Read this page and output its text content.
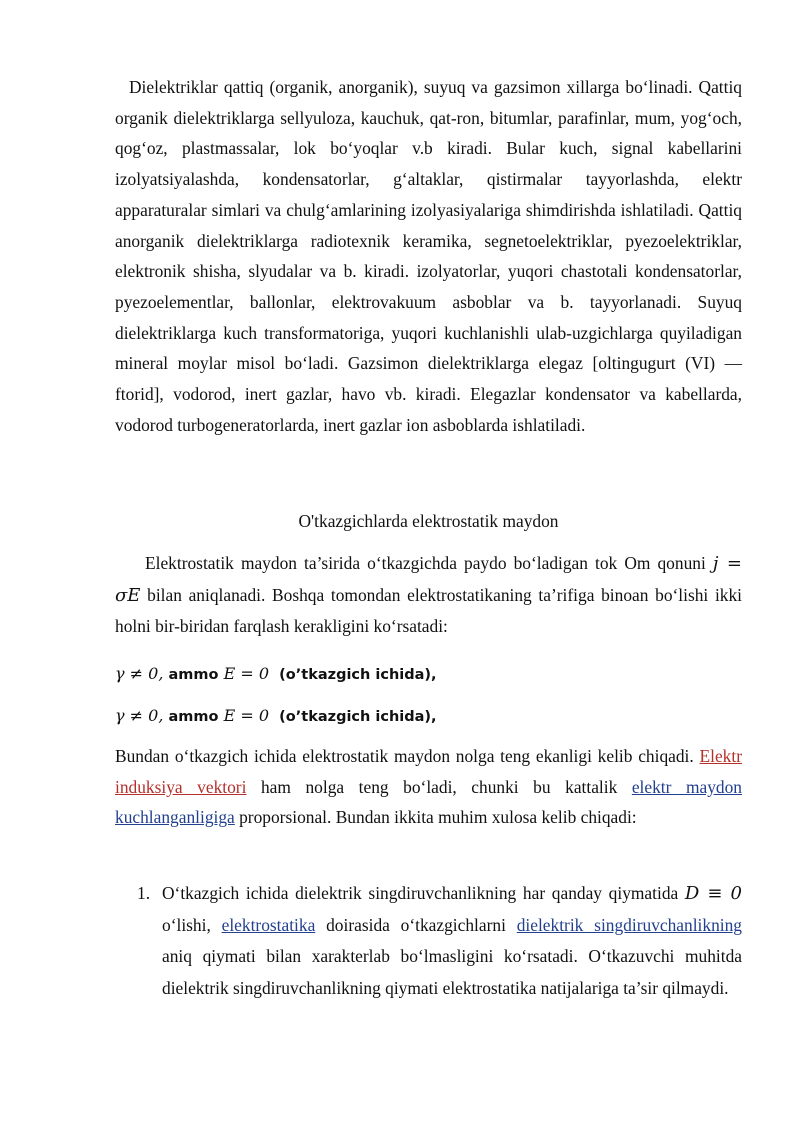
Dielektriklar qattiq (organik, anorganik), suyuq va gazsimon xillarga bo‘linadi. Qattiq organik dielektriklarga sellyuloza, kauchuk, qat-ron, bitumlar, parafinlar, mum, yog‘och, qog‘oz, plastmassalar, lok bo‘yoqlar v.b kiradi. Bular kuch, signal kabellarini izolyatsiyalashda, kondensatorlar, g‘altaklar, qistirmalar tayyorlashda, elektr apparaturalar simlari va chulg‘amlarining izolyasiyalariga shimdirishda ishlatiladi. Qattiq anorganik dielektriklarga radiotexnik keramika, segnetoelektriklar, pyezoelektriklar, elektronik shisha, slyudalar va b. kiradi. izolyatorlar, yuqori chastotali kondensatorlar, pyezoelementlar, ballonlar, elektrovakuum asboblar va b. tayyorlanadi. Suyuq dielektriklarga kuch transformatoriga, yuqori kuchlanishli ulab-uzgichlarga quyiladigan mineral moylar misol bo‘ladi. Gazsimon dielektriklarga elegaz [oltingugurt (VI) — ftorid], vodorod, inert gazlar, havo vb. kiradi. Elegazlar kondensator va kabellarda, vodorod turbogeneratorlarda, inert gazlar ion asboblarda ishlatiladi.

O'tkazgichlarda elektrostatik maydon

Elektrostatik maydon ta’sirida o‘tkazgichda paydo bo‘ladigan tok Om qonuni j = σE bilan aniqlanadi. Boshqa tomondan elektrostatikaning ta’rifiga binoan bo‘lishi ikki holni bir-biridan farqlash kerakligini ko‘rsatadi:

γ ≠ 0, ammo E = 0 (o’tkazgich ichida),
γ ≠ 0, ammo E = 0 (o’tkazgich ichida),

Bundan o‘tkazgich ichida elektrostatik maydon nolga teng ekanligi kelib chiqadi. Elektr induksiya vektori ham nolga teng bo‘ladi, chunki bu kattalik elektr maydon kuchlanganligiga proporsional. Bundan ikkita muhim xulosa kelib chiqadi:

1. O‘tkazgich ichida dielektrik singdiruvchanlikning har qanday qiymatida D ≡ 0 o‘lishi, elektrostatika doirasida o‘tkazgichlarni dielektrik singdiruvchanlikning aniq qiymati bilan xarakterlab bo‘lmasligini ko‘rsatadi. O‘tkazuvchi muhitda dielektrik singdiruvchanlikning qiymati elektrostatika natijalariga ta’sir qilmaydi.
